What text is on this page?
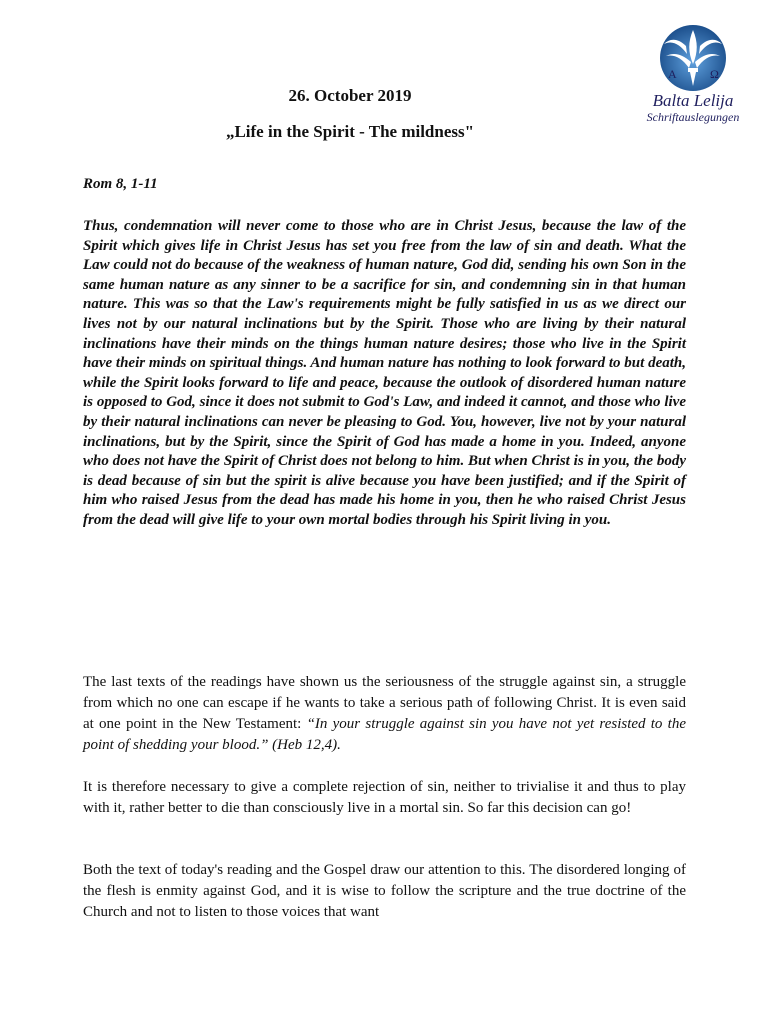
A	Ω
Balta Lelija
Schriftauslegungen
26. October 2019
„Life in the Spirit - The mildness"
Rom 8, 1-11

Thus, condemnation will never come to those who are in Christ Jesus, because the law of the Spirit which gives life in Christ Jesus has set you free from the law of sin and death. What the Law could not do because of the weakness of human nature, God did, sending his own Son in the same human nature as any sinner to be a sacrifice for sin, and condemning sin in that human nature. This was so that the Law's requirements might be fully satisfied in us as we direct our lives not by our natural inclinations but by the Spirit. Those who are living by their natural inclinations have their minds on the things human nature desires; those who live in the Spirit have their minds on spiritual things. And human nature has nothing to look forward to but death, while the Spirit looks forward to life and peace, because the outlook of disordered human nature is opposed to God, since it does not submit to God's Law, and indeed it cannot, and those who live by their natural inclinations can never be pleasing to God. You, however, live not by your natural inclinations, but by the Spirit, since the Spirit of God has made a home in you. Indeed, anyone who does not have the Spirit of Christ does not belong to him. But when Christ is in you, the body is dead because of sin but the spirit is alive because you have been justified; and if the Spirit of him who raised Jesus from the dead has made his home in you, then he who raised Christ Jesus from the dead will give life to your own mortal bodies through his Spirit living in you.

The last texts of the readings have shown us the seriousness of the struggle against sin, a struggle from which no one can escape if he wants to take a serious path of following Christ. It is even said at one point in the New Testament: “In your struggle against sin you have not yet resisted to the point of shedding your blood.” (Heb 12,4).

It is therefore necessary to give a complete rejection of sin, neither to trivialise it and thus to play with it, rather better to die than consciously live in a mortal sin. So far this decision can go!

Both the text of today's reading and the Gospel draw our attention to this. The disordered longing of the flesh is enmity against God, and it is wise to follow the scripture and the true doctrine of the Church and not to listen to those voices that want
